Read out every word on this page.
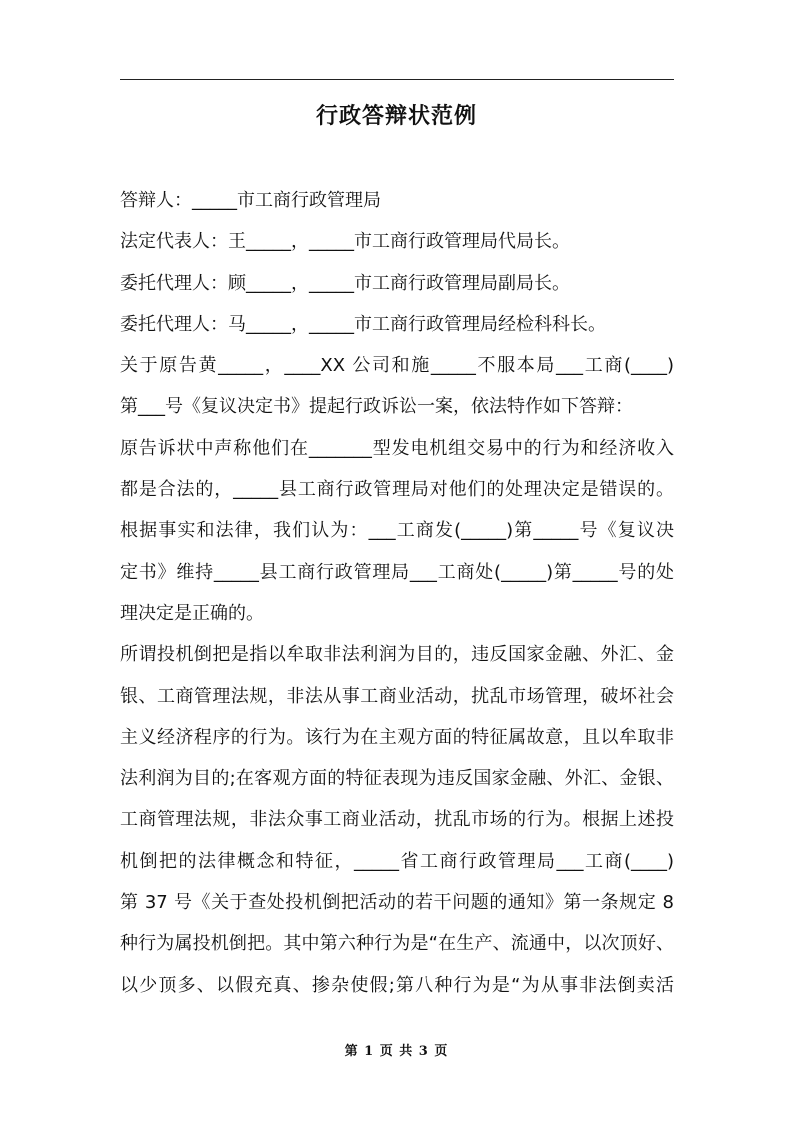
行政答辩状范例
答辩人：_____市工商行政管理局
法定代表人：王_____，_____市工商行政管理局代局长。
委托代理人：顾_____，_____市工商行政管理局副局长。
委托代理人：马_____，_____市工商行政管理局经检科科长。
关于原告黄_____，____XX 公司和施_____不服本局___工商(____)
第___号《复议决定书》提起行政诉讼一案，依法特作如下答辩：
原告诉状中声称他们在_______型发电机组交易中的行为和经济收入
都是合法的，_____县工商行政管理局对他们的处理决定是错误的。
根据事实和法律，我们认为：___工商发(_____)第_____号《复议决
定书》维持_____县工商行政管理局___工商处(_____)第_____号的处
理决定是正确的。
所谓投机倒把是指以牟取非法利润为目的，违反国家金融、外汇、金
银、工商管理法规，非法从事工商业活动，扰乱市场管理，破坏社会
主义经济程序的行为。该行为在主观方面的特征属故意，且以牟取非
法利润为目的;在客观方面的特征表现为违反国家金融、外汇、金银、
工商管理法规，非法众事工商业活动，扰乱市场的行为。根据上述投
机倒把的法律概念和特征，_____省工商行政管理局___工商(____)
第 37 号《关于查处投机倒把活动的若干问题的通知》第一条规定 8
种行为属投机倒把。其中第六种行为是“在生产、流通中，以次顶好、
以少顶多、以假充真、掺杂使假;第八种行为是“为从事非法倒卖活
第 1 页 共 3 页
